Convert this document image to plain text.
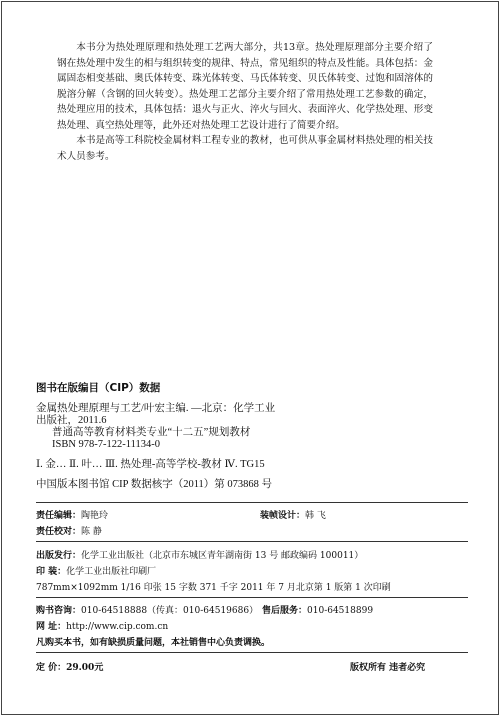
本书分为热处理原理和热处理工艺两大部分，共13章。热处理原理部分主要介绍了钢在热处理中发生的相与组织转变的规律、特点，常见组织的特点及性能。具体包括：金属固态相变基础、奥氏体转变、珠光体转变、马氏体转变、贝氏体转变、过饱和固溶体的脱溶分解（含钢的回火转变）。热处理工艺部分主要介绍了常用热处理工艺参数的确定，热处理应用的技术，具体包括：退火与正火、淬火与回火、表面淬火、化学热处理、形变热处理、真空热处理等，此外还对热处理工艺设计进行了简要介绍。

本书是高等工科院校金属材料工程专业的教材，也可供从事金属材料热处理的相关技术人员参考。

图书在版编目（CIP）数据
金属热处理原理与工艺/叶宏主编. —北京：化学工业
出版社，2011.6
普通高等教育材料类专业“十二五”规划教材
ISBN 978-7-122-11134-0
Ⅰ. 金… Ⅱ. 叶… Ⅲ. 热处理-高等学校-教材 Ⅳ. TG15
中国版本图书馆 CIP 数据核字（2011）第 073868 号
责任编辑：陶艳玲	装帧设计：韩 飞
责任校对：陈 静
出版发行：化学工业出版社（北京市东城区青年湖南街 13 号 邮政编码 100011）
印 装：化学工业出版社印刷厂
787mm×1092mm 1/16 印张 15 字数 371 千字 2011 年 7 月北京第 1 版第 1 次印刷
购书咨询：010-64518888（传真：010-64519686） 售后服务：010-64518899
网 址：http://www.cip.com.cn
凡购买本书，如有缺损质量问题，本社销售中心负责调换。
定 价：29.00元	版权所有 违者必究
